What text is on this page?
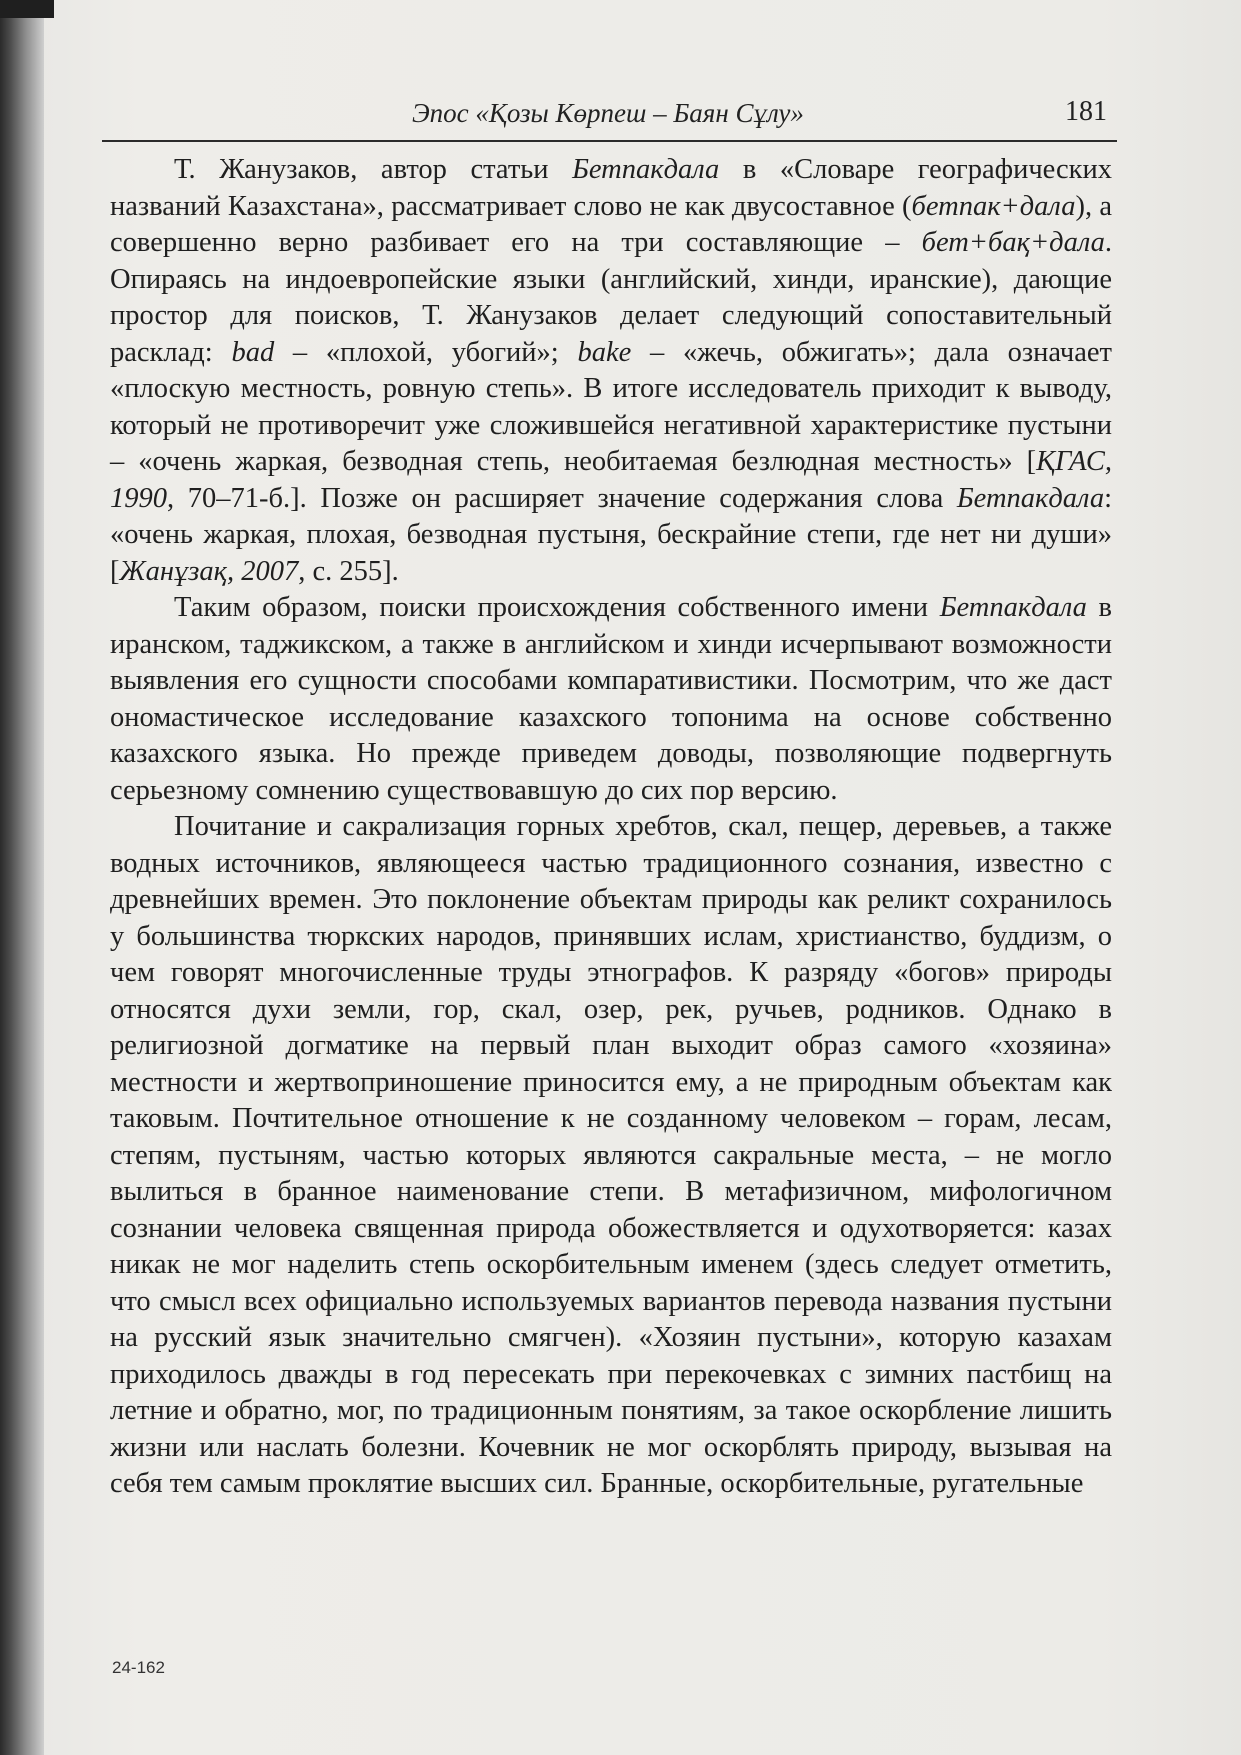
Эпос «Қозы Көрпеш – Баян Сұлу»	181

Т. Жанузаков, автор статьи Бетпакдала в «Словаре географических названий Казахстана», рассматривает слово не как двусоставное (бетпак+дала), а совершенно верно разбивает его на три составляющие – бет+бақ+дала. Опираясь на индоевропейские языки (английский, хинди, иранские), дающие простор для поисков, Т. Жанузаков делает следующий сопоставительный расклад: bad – «плохой, убогий»; bake – «жечь, обжигать»; дала означает «плоскую местность, ровную степь». В итоге исследователь приходит к выводу, который не противоречит уже сложившейся негативной характеристике пустыни – «очень жаркая, безводная степь, необитаемая безлюдная местность» [ҚГАС, 1990, 70–71-б.]. Позже он расширяет значение содержания слова Бетпакдала: «очень жаркая, плохая, безводная пустыня, бескрайние степи, где нет ни души» [Жанұзақ, 2007, с. 255].

Таким образом, поиски происхождения собственного имени Бетпакдала в иранском, таджикском, а также в английском и хинди исчерпывают возможности выявления его сущности способами компаративистики. Посмотрим, что же даст ономастическое исследование казахского топонима на основе собственно казахского языка. Но прежде приведем доводы, позволяющие подвергнуть серьезному сомнению существовавшую до сих пор версию.

Почитание и сакрализация горных хребтов, скал, пещер, деревьев, а также водных источников, являющееся частью традиционного сознания, известно с древнейших времен. Это поклонение объектам природы как реликт сохранилось у большинства тюркских народов, принявших ислам, христианство, буддизм, о чем говорят многочисленные труды этнографов. К разряду «богов» природы относятся духи земли, гор, скал, озер, рек, ручьев, родников. Однако в религиозной догматике на первый план выходит образ самого «хозяина» местности и жертвоприношение приносится ему, а не природным объектам как таковым. Почтительное отношение к не созданному человеком – горам, лесам, степям, пустыням, частью которых являются сакральные места, – не могло вылиться в бранное наименование степи. В метафизичном, мифологичном сознании человека священная природа обожествляется и одухотворяется: казах никак не мог наделить степь оскорбительным именем (здесь следует отметить, что смысл всех официально используемых вариантов перевода названия пустыни на русский язык значительно смягчен). «Хозяин пустыни», которую казахам приходилось дважды в год пересекать при перекочевках с зимних пастбищ на летние и обратно, мог, по традиционным понятиям, за такое оскорбление лишить жизни или наслать болезни. Кочевник не мог оскорблять природу, вызывая на себя тем самым проклятие высших сил. Бранные, оскорбительные, ругательные

24-162
